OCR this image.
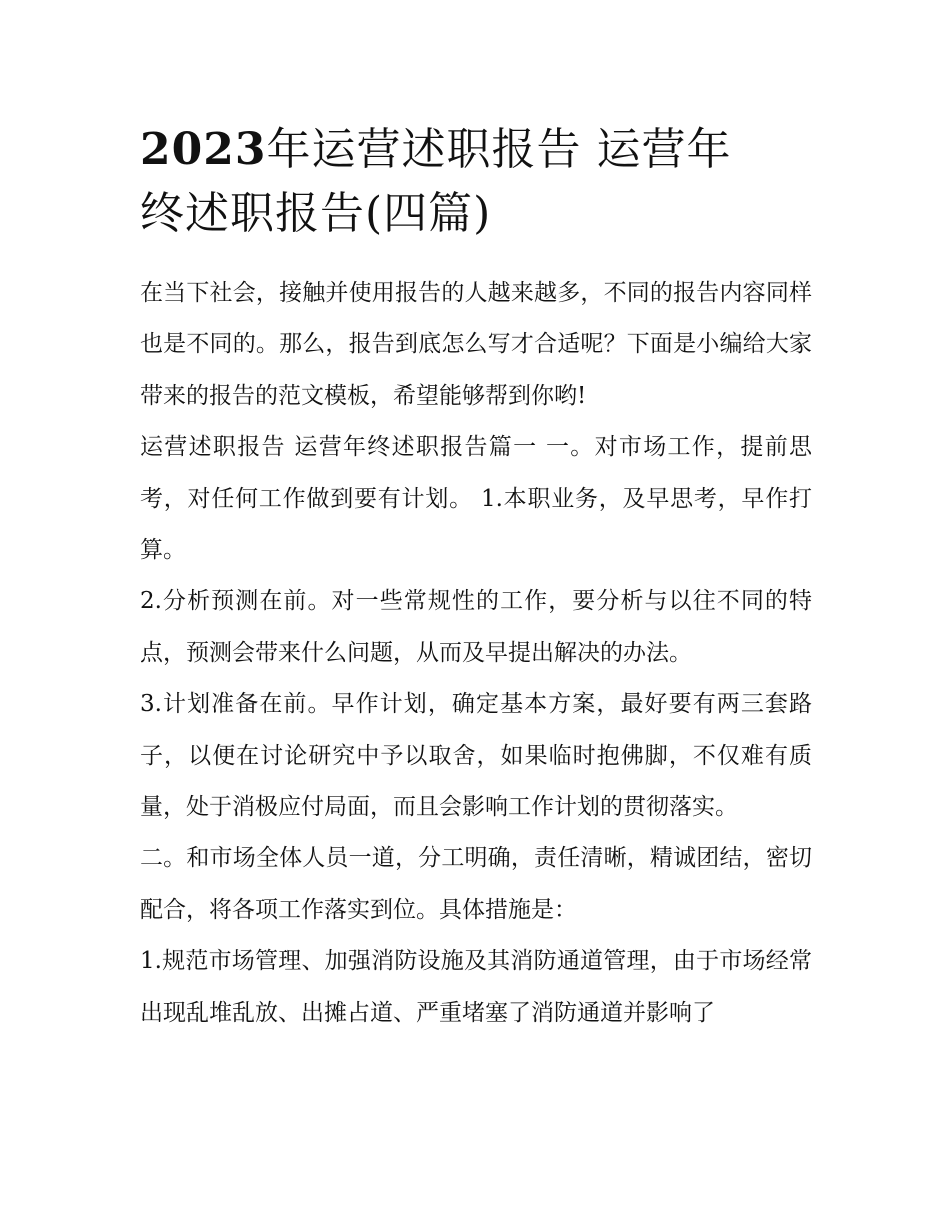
2023年运营述职报告 运营年
终述职报告(四篇)

在当下社会，接触并使用报告的人越来越多，不同的报告内容同样也是不同的。那么，报告到底怎么写才合适呢？下面是小编给大家带来的报告的范文模板，希望能够帮到你哟!

运营述职报告 运营年终述职报告篇一 一。对市场工作，提前思考，对任何工作做到要有计划。 1.本职业务，及早思考，早作打算。

2.分析预测在前。对一些常规性的工作，要分析与以往不同的特点，预测会带来什么问题，从而及早提出解决的办法。

3.计划准备在前。早作计划，确定基本方案，最好要有两三套路子，以便在讨论研究中予以取舍，如果临时抱佛脚，不仅难有质量，处于消极应付局面，而且会影响工作计划的贯彻落实。

二。和市场全体人员一道，分工明确，责任清晰，精诚团结，密切配合，将各项工作落实到位。具体措施是：

1.规范市场管理、加强消防设施及其消防通道管理，由于市场经常出现乱堆乱放、出摊占道、严重堵塞了消防通道并影响了
